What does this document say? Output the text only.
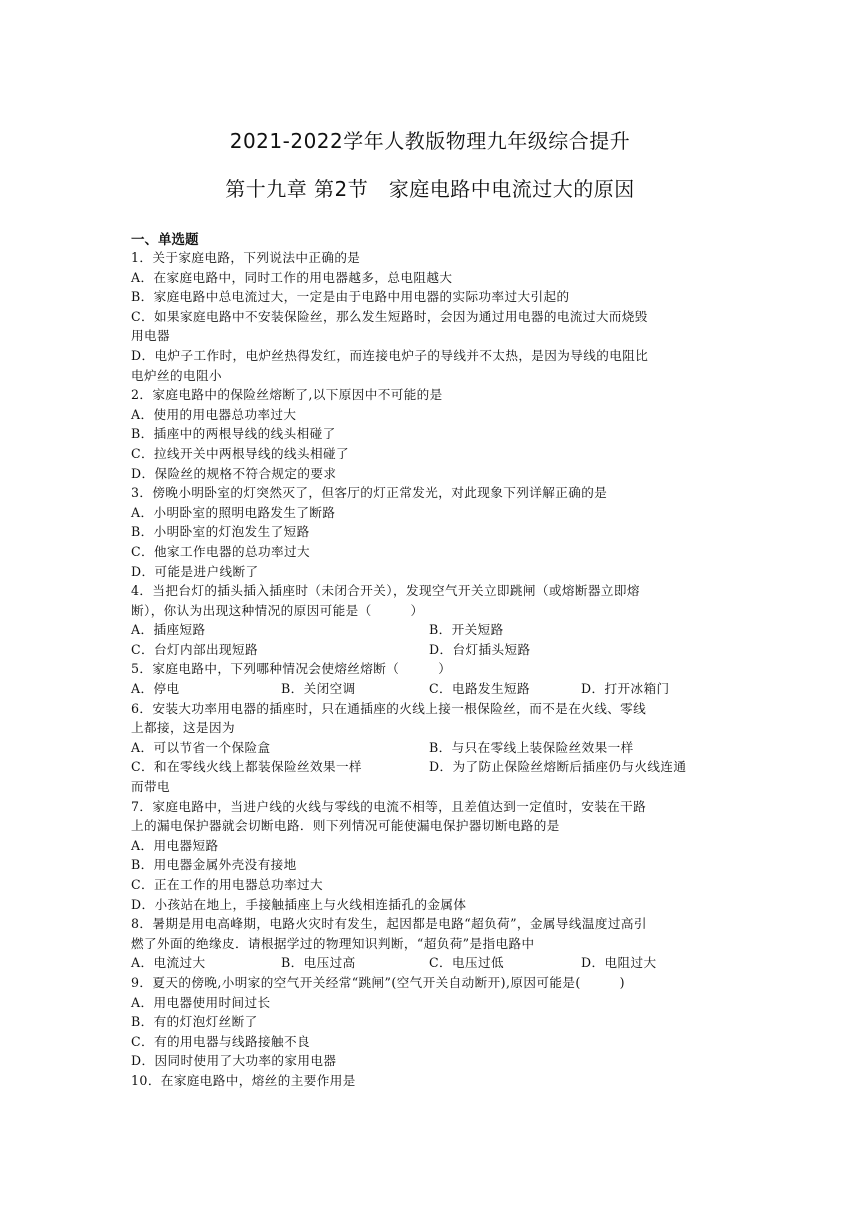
2021-2022学年人教版物理九年级综合提升
第十九章 第2节　家庭电路中电流过大的原因
一、单选题
1．关于家庭电路，下列说法中正确的是
A．在家庭电路中，同时工作的用电器越多，总电阻越大
B．家庭电路中总电流过大，一定是由于电路中用电器的实际功率过大引起的
C．如果家庭电路中不安装保险丝，那么发生短路时，会因为通过用电器的电流过大而烧毁
用电器
D．电炉子工作时，电炉丝热得发红，而连接电炉子的导线并不太热，是因为导线的电阻比
电炉丝的电阻小
2．家庭电路中的保险丝熔断了,以下原因中不可能的是
A．使用的用电器总功率过大
B．插座中的两根导线的线头相碰了
C．拉线开关中两根导线的线头相碰了
D．保险丝的规格不符合规定的要求
3．傍晚小明卧室的灯突然灭了，但客厅的灯正常发光，对此现象下列详解正确的是
A．小明卧室的照明电路发生了断路
B．小明卧室的灯泡发生了短路
C．他家工作电器的总功率过大
D．可能是进户线断了
4．当把台灯的插头插入插座时（未闭合开关），发现空气开关立即跳闸（或熔断器立即熔
断），你认为出现这种情况的原因可能是（　　　）
A．插座短路	B．开关短路
C．台灯内部出现短路	D．台灯插头短路
5．家庭电路中，下列哪种情况会使熔丝熔断（　　　）
A．停电	B．关闭空调	C．电路发生短路	D．打开冰箱门
6．安装大功率用电器的插座时，只在通插座的火线上接一根保险丝，而不是在火线、零线
上都接，这是因为
A．可以节省一个保险盒	B．与只在零线上装保险丝效果一样
C．和在零线火线上都装保险丝效果一样	D．为了防止保险丝熔断后插座仍与火线连通
而带电
7．家庭电路中，当进户线的火线与零线的电流不相等，且差值达到一定值时，安装在干路
上的漏电保护器就会切断电路．则下列情况可能使漏电保护器切断电路的是
A．用电器短路
B．用电器金属外壳没有接地
C．正在工作的用电器总功率过大
D．小孩站在地上，手接触插座上与火线相连插孔的金属体
8．暑期是用电高峰期，电路火灾时有发生，起因都是电路“超负荷”，金属导线温度过高引
燃了外面的绝缘皮．请根据学过的物理知识判断，“超负荷”是指电路中
A．电流过大	B．电压过高	C．电压过低	D．电阻过大
9．夏天的傍晚,小明家的空气开关经常“跳闸”(空气开关自动断开),原因可能是(　　　)
A．用电器使用时间过长
B．有的灯泡灯丝断了
C．有的用电器与线路接触不良
D．因同时使用了大功率的家用电器
10．在家庭电路中，熔丝的主要作用是
